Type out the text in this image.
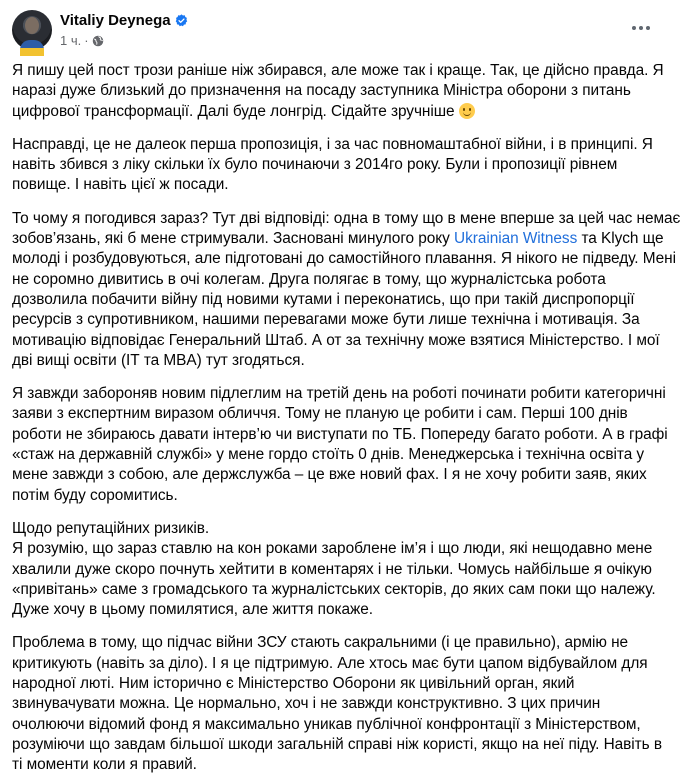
Vitaliy Deynega
1 ч. ·
Я пишу цей пост трози раніше ніж збирався, але може так і краще. Так, це дійсно правда. Я
наразі дуже близький до призначення на посаду заступника Міністра оборони з питань
цифрової трансформації. Далі буде лонгрід. Сідайте зручніше
Насправді, це не далеок перша пропозиція, і за час повномаштабної війни, і в принципі. Я
навіть збився з ліку скільки їх було починаючи з 2014го року. Були і пропозиції рівнем
повище. І навіть цієї ж посади.
То чому я погодився зараз? Тут дві відповіді: одна в тому що в мене вперше за цей час немає
зобов’язань, які б мене стримували. Засновані минулого року Ukrainian Witness та Klych ще
молоді і розбудовуються, але підготовані до самостійного плавання. Я нікого не підведу. Мені
не соромно дивитись в очі колегам. Друга полягає в тому, що журналістська робота
дозволила побачити війну під новими кутами і переконатись, що при такій диспропорції
ресурсів з супротивником, нашими перевагами може бути лише технічна і мотивація. За
мотивацію відповідає Генеральний Штаб. А от за технічну може взятися Міністерство. І мої
дві вищі освіти (ІТ та MBA) тут згодяться.
Я завжди забороняв новим підлеглим на третій день на роботі починати робити категоричні
заяви з експертним виразом обличчя. Тому не планую це робити і сам. Перші 100 днів
роботи не збираюсь давати інтерв’ю чи виступати по ТБ. Попереду багато роботи. А в графі
«стаж на державній службі» у мене гордо стоїть 0 днів. Менеджерська і технічна освіта у
мене завжди з собою, але держслужба – це вже новий фах. І я не хочу робити заяв, яких
потім буду соромитись.
Щодо репутаційних ризиків.
Я розумію, що зараз ставлю на кон роками зароблене ім’я і що люди, які нещодавно мене
хвалили дуже скоро почнуть хейтити в коментарях і не тільки. Чомусь найбільше я очікую
«привітань» саме з громадського та журналістських секторів, до яких сам поки що належу.
Дуже хочу в цьому помилятися, але життя покаже.
Проблема в тому, що підчас війни ЗСУ стають сакральними (і це правильно), армію не
критикують (навіть за діло). І я це підтримую. Але хтось має бути цапом відбувайлом для
народної люті. Ним історично є Міністерство Оборони як цивільний орган, який
звинувачувати можна. Це нормально, хоч і не завжди конструктивно. З цих причин
очолюючи відомий фонд я максимально уникав публічної конфронтації з Міністерством,
розуміючи що завдам більшої шкоди загальній справі ніж користі, якщо на неї піду. Навіть в
ті моменти коли я правий.
